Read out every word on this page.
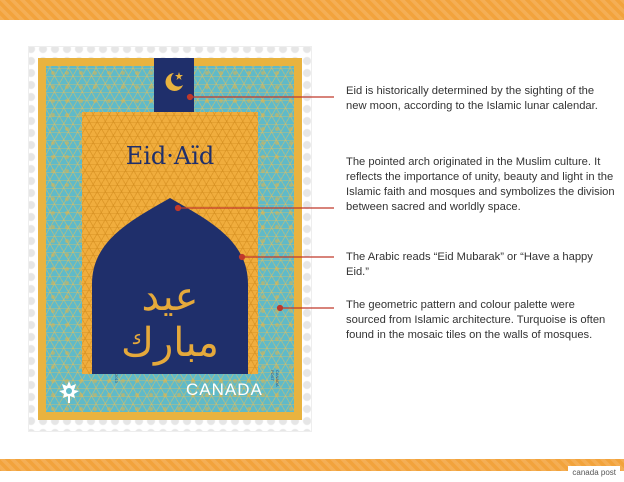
canada post
Eid·Aïd
عيد مبارك
2013	CANADA POST
CANADA

Eid is historically determined by the sighting of the new moon, according to the Islamic lunar calendar.

The pointed arch originated in the Muslim culture. It reflects the importance of unity, beauty and light in the Islamic faith and mosques and symbolizes the division between sacred and worldly space.

The Arabic reads “Eid Mubarak” or “Have a happy Eid.”

The geometric pattern and colour palette were sourced from Islamic architecture. Turquoise is often found in the mosaic tiles on the walls of mosques.
